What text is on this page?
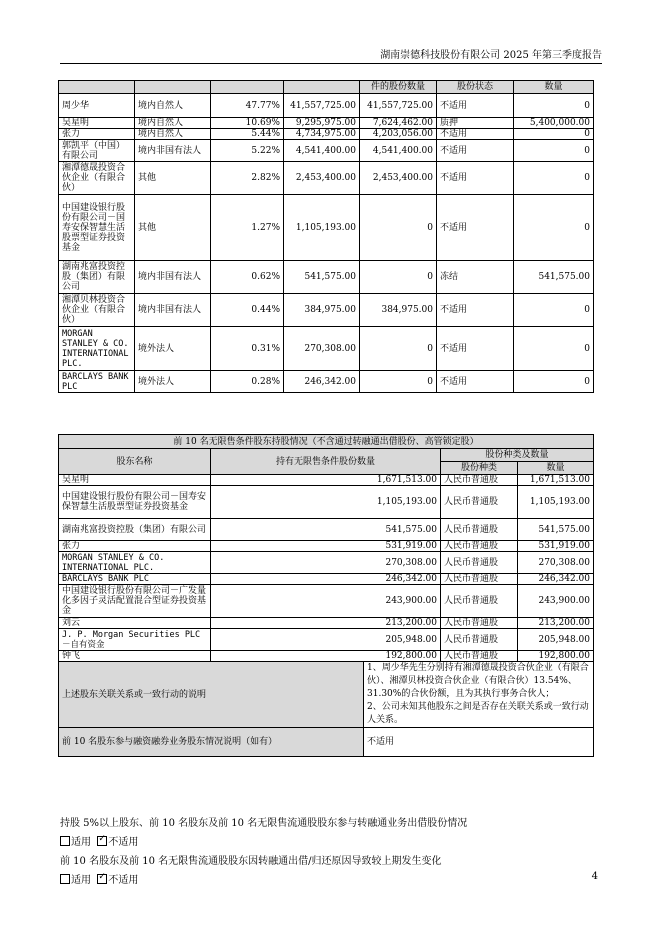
湖南崇德科技股份有限公司 2025 年第三季度报告
				件的股份数量	股份状态	数量
周少华	境内自然人	47.77%	41,557,725.00	41,557,725.00	不适用	0
吴星明	境内自然人	10.69%	9,295,975.00	7,624,462.00	质押	5,400,000.00
张力	境内自然人	5.44%	4,734,975.00	4,203,056.00	不适用	0
郭凯平（中国）有限公司	境内非国有法人	5.22%	4,541,400.00	4,541,400.00	不适用	0
湘潭德晟投资合伙企业（有限合伙）	其他	2.82%	2,453,400.00	2,453,400.00	不适用	0
中国建设银行股份有限公司－国寿安保智慧生活股票型证券投资基金	其他	1.27%	1,105,193.00	0	不适用	0
湖南兆富投资控股（集团）有限公司	境内非国有法人	0.62%	541,575.00	0	冻结	541,575.00
湘潭贝林投资合伙企业（有限合伙）	境内非国有法人	0.44%	384,975.00	384,975.00	不适用	0
MORGAN STANLEY & CO. INTERNATIONAL PLC.	境外法人	0.31%	270,308.00	0	不适用	0
BARCLAYS BANK PLC	境外法人	0.28%	246,342.00	0	不适用	0
前 10 名无限售条件股东持股情况（不含通过转融通出借股份、高管锁定股）				
股东名称	持有无限售条件股份数量		股份种类及数量	
			股份种类	数量
吴星明	1,671,513.00		人民币普通股	1,671,513.00
中国建设银行股份有限公司－国寿安保智慧生活股票型证券投资基金	1,105,193.00		人民币普通股	1,105,193.00
湖南兆富投资控股（集团）有限公司	541,575.00		人民币普通股	541,575.00
张力	531,919.00		人民币普通股	531,919.00
MORGAN STANLEY & CO. INTERNATIONAL PLC.	270,308.00		人民币普通股	270,308.00
BARCLAYS BANK PLC	246,342.00		人民币普通股	246,342.00
中国建设银行股份有限公司－广发量化多因子灵活配置混合型证券投资基金	243,900.00		人民币普通股	243,900.00
刘云	213,200.00		人民币普通股	213,200.00
J. P. Morgan Securities PLC－自有资金	205,948.00		人民币普通股	205,948.00
钟飞	192,800.00		人民币普通股	192,800.00
上述股东关联关系或一致行动的说明		1、周少华先生分别持有湘潭德晟投资合伙企业（有限合伙）、湘潭贝林投资合伙企业（有限合伙）13.54%、31.30%的合伙份额，且为其执行事务合伙人；
2、公司未知其他股东之间是否存在关联关系或一致行动人关系。		

前 10 名股东参与融资融券业务股东情况说明（如有）		不适用		
持股 5%以上股东、前 10 名股东及前 10 名无限售流通股股东参与转融通业务出借股份情况
适用 ✓ 不适用
前 10 名股东及前 10 名无限售流通股股东因转融通出借/归还原因导致较上期发生变化
适用 ✓ 不适用	4
